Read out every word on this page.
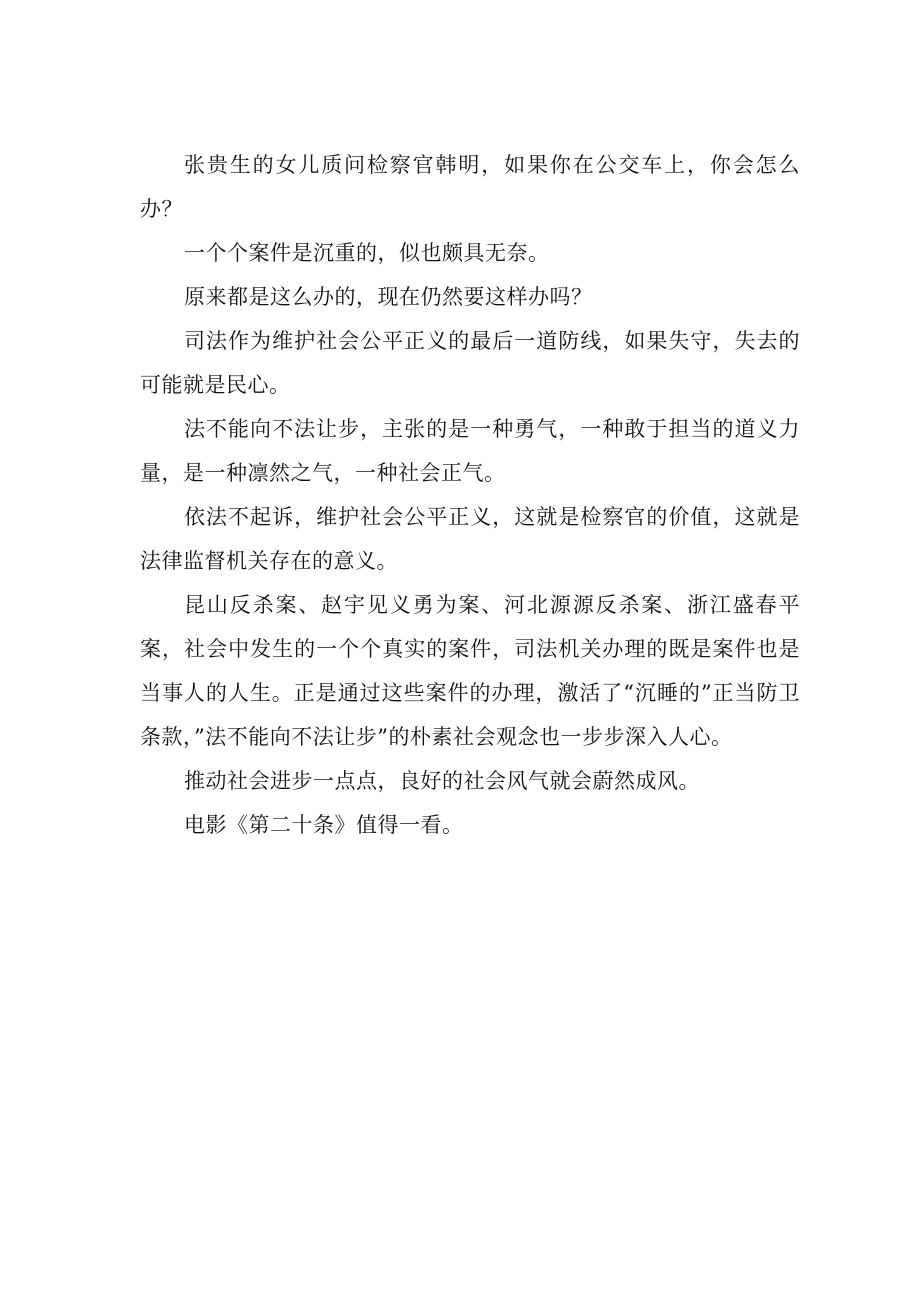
张贵生的女儿质问检察官韩明，如果你在公交车上，你会怎么办？

一个个案件是沉重的，似也颇具无奈。

原来都是这么办的，现在仍然要这样办吗？

司法作为维护社会公平正义的最后一道防线，如果失守，失去的可能就是民心。

法不能向不法让步，主张的是一种勇气，一种敢于担当的道义力量，是一种凛然之气，一种社会正气。

依法不起诉，维护社会公平正义，这就是检察官的价值，这就是法律监督机关存在的意义。

昆山反杀案、赵宇见义勇为案、河北源源反杀案、浙江盛春平案，社会中发生的一个个真实的案件，司法机关办理的既是案件也是当事人的人生。正是通过这些案件的办理，激活了“沉睡的”正当防卫条款，”法不能向不法让步”的朴素社会观念也一步步深入人心。

推动社会进步一点点，良好的社会风气就会蔚然成风。

电影《第二十条》值得一看。
